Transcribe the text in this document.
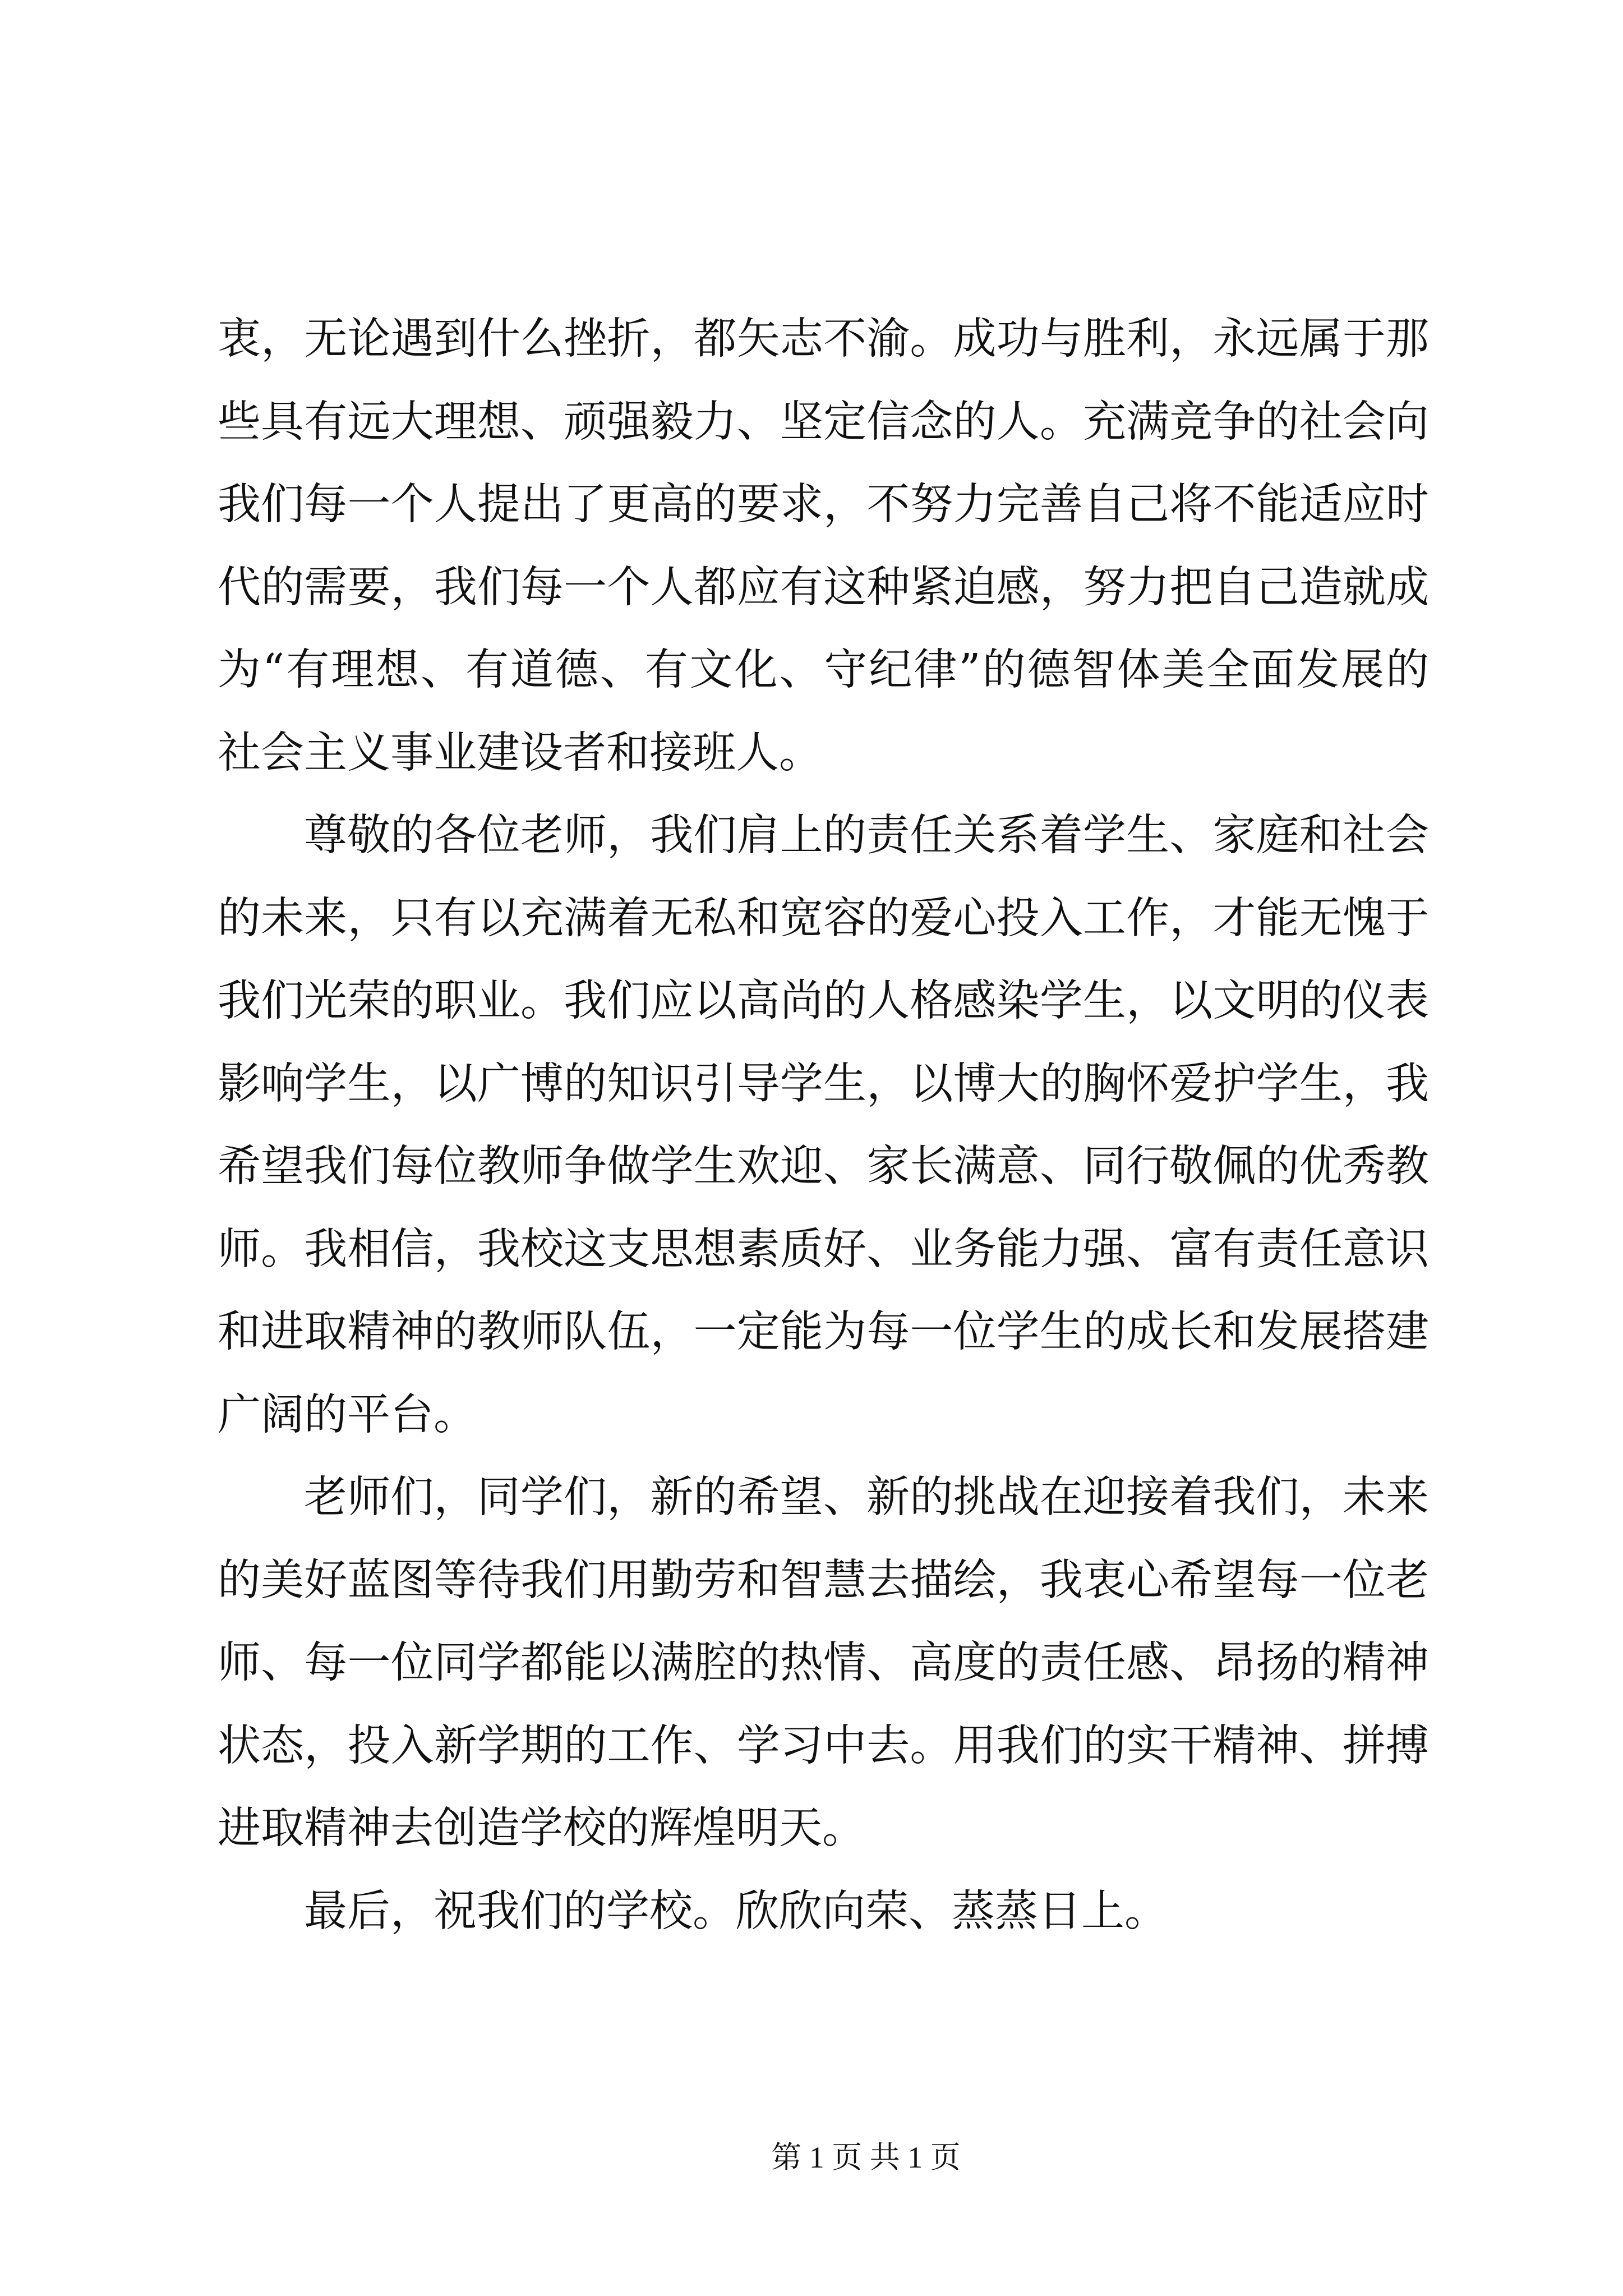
衷，无论遇到什么挫折，都矢志不渝。成功与胜利，永远属于那
些具有远大理想、顽强毅力、坚定信念的人。充满竞争的社会向
我们每一个人提出了更高的要求，不努力完善自己将不能适应时
代的需要，我们每一个人都应有这种紧迫感，努力把自己造就成
为“有理想、有道德、有文化、守纪律”的德智体美全面发展的
社会主义事业建设者和接班人。
尊敬的各位老师，我们肩上的责任关系着学生、家庭和社会
的未来，只有以充满着无私和宽容的爱心投入工作，才能无愧于
我们光荣的职业。我们应以高尚的人格感染学生，以文明的仪表
影响学生，以广博的知识引导学生，以博大的胸怀爱护学生，我
希望我们每位教师争做学生欢迎、家长满意、同行敬佩的优秀教
师。我相信，我校这支思想素质好、业务能力强、富有责任意识
和进取精神的教师队伍，一定能为每一位学生的成长和发展搭建
广阔的平台。
老师们，同学们，新的希望、新的挑战在迎接着我们，未来
的美好蓝图等待我们用勤劳和智慧去描绘，我衷心希望每一位老
师、每一位同学都能以满腔的热情、高度的责任感、昂扬的精神
状态，投入新学期的工作、学习中去。用我们的实干精神、拼搏
进取精神去创造学校的辉煌明天。
最后，祝我们的学校。欣欣向荣、蒸蒸日上。
第 1 页 共 1 页
